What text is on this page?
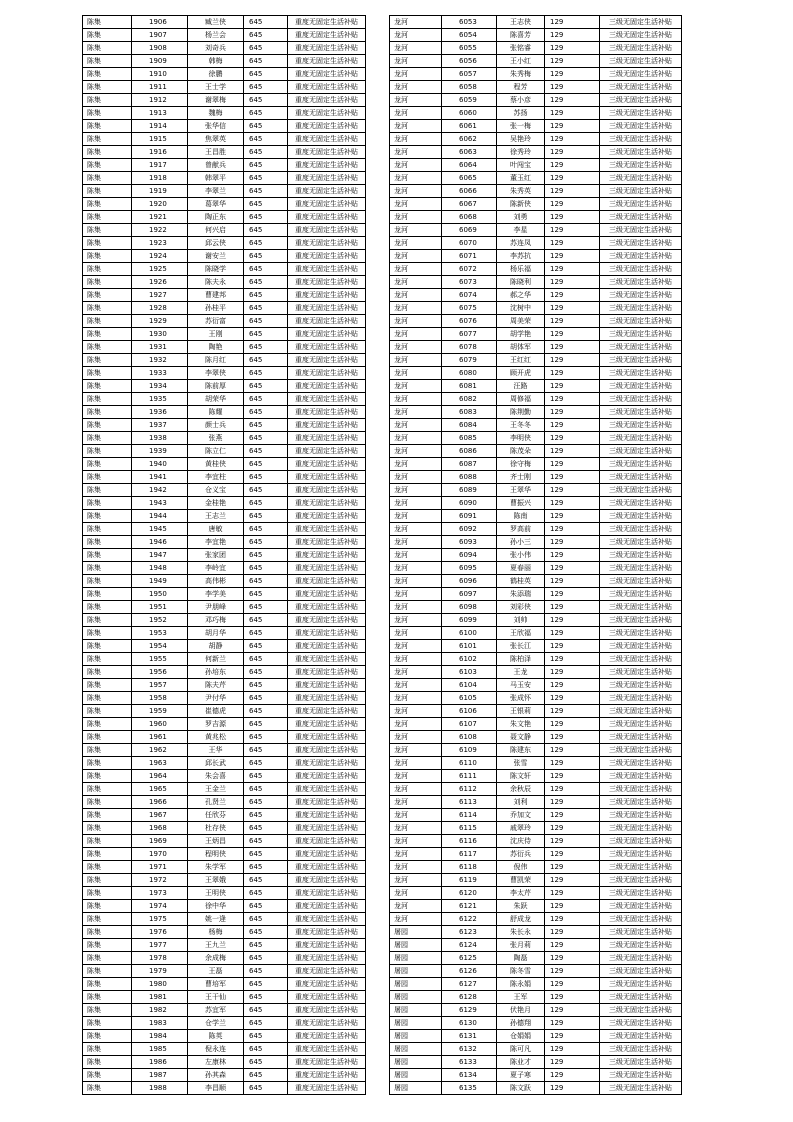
陈集	1906	臧兰侠	645	重度无固定生活补贴
陈集	1907	杨兰会	645	重度无固定生活补贴
陈集	1908	刘奇兵	645	重度无固定生活补贴
陈集	1909	韩梅	645	重度无固定生活补贴
陈集	1910	徐鹏	645	重度无固定生活补贴
陈集	1911	王士学	645	重度无固定生活补贴
陈集	1912	谢翠梅	645	重度无固定生活补贴
陈集	1913	魏梅	645	重度无固定生活补贴
陈集	1914	张华信	645	重度无固定生活补贴
陈集	1915	焦翠英	645	重度无固定生活补贴
陈集	1916	王昌胜	645	重度无固定生活补贴
陈集	1917	曾献兵	645	重度无固定生活补贴
陈集	1918	韩翠平	645	重度无固定生活补贴
陈集	1919	李翠兰	645	重度无固定生活补贴
陈集	1920	葛翠华	645	重度无固定生活补贴
陈集	1921	陶正东	645	重度无固定生活补贴
陈集	1922	何兴启	645	重度无固定生活补贴
陈集	1923	邱云侠	645	重度无固定生活补贴
陈集	1924	谢安兰	645	重度无固定生活补贴
陈集	1925	陈晓学	645	重度无固定生活补贴
陈集	1926	陈夫永	645	重度无固定生活补贴
陈集	1927	曹建邦	645	重度无固定生活补贴
陈集	1928	孙桂平	645	重度无固定生活补贴
陈集	1929	苏衍富	645	重度无固定生活补贴
陈集	1930	王刚	645	重度无固定生活补贴
陈集	1931	陶艳	645	重度无固定生活补贴
陈集	1932	陈月红	645	重度无固定生活补贴
陈集	1933	李翠侠	645	重度无固定生活补贴
陈集	1934	陈前厚	645	重度无固定生活补贴
陈集	1935	胡荣华	645	重度无固定生活补贴
陈集	1936	陈耀	645	重度无固定生活补贴
陈集	1937	颜士兵	645	重度无固定生活补贴
陈集	1938	张燕	645	重度无固定生活补贴
陈集	1939	陈立仁	645	重度无固定生活补贴
陈集	1940	黄桂侠	645	重度无固定生活补贴
陈集	1941	李宜柱	645	重度无固定生活补贴
陈集	1942	仓义宝	645	重度无固定生活补贴
陈集	1943	金桂艳	645	重度无固定生活补贴
陈集	1944	王志兰	645	重度无固定生活补贴
陈集	1945	唐敏	645	重度无固定生活补贴
陈集	1946	李宜艳	645	重度无固定生活补贴
陈集	1947	张家团	645	重度无固定生活补贴
陈集	1948	李岭宜	645	重度无固定生活补贴
陈集	1949	高伟彬	645	重度无固定生活补贴
陈集	1950	李学美	645	重度无固定生活补贴
陈集	1951	尹朋峰	645	重度无固定生活补贴
陈集	1952	邓巧梅	645	重度无固定生活补贴
陈集	1953	胡月华	645	重度无固定生活补贴
陈集	1954	胡静	645	重度无固定生活补贴
陈集	1955	何新兰	645	重度无固定生活补贴
陈集	1956	孙培东	645	重度无固定生活补贴
陈集	1957	陈夫芹	645	重度无固定生活补贴
陈集	1958	尹付华	645	重度无固定生活补贴
陈集	1959	崔德虎	645	重度无固定生活补贴
陈集	1960	罗吉源	645	重度无固定生活补贴
陈集	1961	黄兆松	645	重度无固定生活补贴
陈集	1962	王华	645	重度无固定生活补贴
陈集	1963	邱长武	645	重度无固定生活补贴
陈集	1964	朱会喜	645	重度无固定生活补贴
陈集	1965	王金兰	645	重度无固定生活补贴
陈集	1966	孔贤兰	645	重度无固定生活补贴
陈集	1967	任欣芬	645	重度无固定生活补贴
陈集	1968	杜存侠	645	重度无固定生活补贴
陈集	1969	王炳昌	645	重度无固定生活补贴
陈集	1970	程明侠	645	重度无固定生活补贴
陈集	1971	朱学军	645	重度无固定生活补贴
陈集	1972	王翠娥	645	重度无固定生活补贴
陈集	1973	王明侠	645	重度无固定生活补贴
陈集	1974	徐中华	645	重度无固定生活补贴
陈集	1975	姚一逄	645	重度无固定生活补贴
陈集	1976	杨梅	645	重度无固定生活补贴
陈集	1977	王九兰	645	重度无固定生活补贴
陈集	1978	余成梅	645	重度无固定生活补贴
陈集	1979	王磊	645	重度无固定生活补贴
陈集	1980	曹培军	645	重度无固定生活补贴
陈集	1981	王干仙	645	重度无固定生活补贴
陈集	1982	苏宜军	645	重度无固定生活补贴
陈集	1983	仓学兰	645	重度无固定生活补贴
陈集	1984	陈英	645	重度无固定生活补贴
陈集	1985	倪永连	645	重度无固定生活补贴
陈集	1986	左康林	645	重度无固定生活补贴
陈集	1987	孙其森	645	重度无固定生活补贴
陈集	1988	李昌顺	645	重度无固定生活补贴
龙河	6053	王志侠	129	三级无固定生活补贴
龙河	6054	陈喜芳	129	三级无固定生活补贴
龙河	6055	张铭睿	129	三级无固定生活补贴
龙河	6056	王小红	129	三级无固定生活补贴
龙河	6057	朱秀梅	129	三级无固定生活补贴
龙河	6058	程芳	129	三级无固定生活补贴
龙河	6059	蔡小彦	129	三级无固定生活补贴
龙河	6060	苏扬	129	三级无固定生活补贴
龙河	6061	张一梅	129	三级无固定生活补贴
龙河	6062	吴艳玲	129	三级无固定生活补贴
龙河	6063	徐秀玲	129	三级无固定生活补贴
龙河	6064	叶闯宝	129	三级无固定生活补贴
龙河	6065	董玉红	129	三级无固定生活补贴
龙河	6066	朱秀英	129	三级无固定生活补贴
龙河	6067	陈新侠	129	三级无固定生活补贴
龙河	6068	刘勇	129	三级无固定生活补贴
龙河	6069	李星	129	三级无固定生活补贴
龙河	6070	苏连凤	129	三级无固定生活补贴
龙河	6071	李苏抗	129	三级无固定生活补贴
龙河	6072	杨乐福	129	三级无固定生活补贴
龙河	6073	陈晓利	129	三级无固定生活补贴
龙河	6074	郝之华	129	三级无固定生活补贴
龙河	6075	沈树中	129	三级无固定生活补贴
龙河	6076	周美荣	129	三级无固定生活补贴
龙河	6077	胡学艳	129	三级无固定生活补贴
龙河	6078	胡体军	129	三级无固定生活补贴
龙河	6079	王红红	129	三级无固定生活补贴
龙河	6080	顾开虎	129	三级无固定生活补贴
龙河	6081	汪路	129	三级无固定生活补贴
龙河	6082	周修福	129	三级无固定生活补贴
龙河	6083	陈荆勤	129	三级无固定生活补贴
龙河	6084	王冬冬	129	三级无固定生活补贴
龙河	6085	李明侠	129	三级无固定生活补贴
龙河	6086	陈茂朵	129	三级无固定生活补贴
龙河	6087	徐守梅	129	三级无固定生活补贴
龙河	6088	齐士刚	129	三级无固定生活补贴
龙河	6089	王翠华	129	三级无固定生活补贴
龙河	6090	曹振兴	129	三级无固定生活补贴
龙河	6091	陈南	129	三级无固定生活补贴
龙河	6092	罗高前	129	三级无固定生活补贴
龙河	6093	孙小三	129	三级无固定生活补贴
龙河	6094	张小伟	129	三级无固定生活补贴
龙河	6095	夏春丽	129	三级无固定生活补贴
龙河	6096	鹤桂英	129	三级无固定生活补贴
龙河	6097	朱添瑞	129	三级无固定生活补贴
龙河	6098	刘彩侠	129	三级无固定生活补贴
龙河	6099	刘帅	129	三级无固定生活补贴
龙河	6100	王欣福	129	三级无固定生活补贴
龙河	6101	张长江	129	三级无固定生活补贴
龙河	6102	陈柏泽	129	三级无固定生活补贴
龙河	6103	王龙	129	三级无固定生活补贴
龙河	6104	马玉安	129	三级无固定生活补贴
龙河	6105	张成怀	129	三级无固定生活补贴
龙河	6106	王银莉	129	三级无固定生活补贴
龙河	6107	朱文艳	129	三级无固定生活补贴
龙河	6108	聂文静	129	三级无固定生活补贴
龙河	6109	陈建东	129	三级无固定生活补贴
龙河	6110	张雪	129	三级无固定生活补贴
龙河	6111	陈文轩	129	三级无固定生活补贴
龙河	6112	余秋辰	129	三级无固定生活补贴
龙河	6113	刘利	129	三级无固定生活补贴
龙河	6114	乔加文	129	三级无固定生活补贴
龙河	6115	戚翠玲	129	三级无固定生活补贴
龙河	6116	沈庆侍	129	三级无固定生活补贴
龙河	6117	苏衍兵	129	三级无固定生活补贴
龙河	6118	倪伟	129	三级无固定生活补贴
龙河	6119	曹凯荣	129	三级无固定生活补贴
龙河	6120	李太芹	129	三级无固定生活补贴
龙河	6121	朱跃	129	三级无固定生活补贴
龙河	6122	舒成龙	129	三级无固定生活补贴
屠园	6123	朱长永	129	三级无固定生活补贴
屠园	6124	张月莉	129	三级无固定生活补贴
屠园	6125	陶磊	129	三级无固定生活补贴
屠园	6126	陈冬雪	129	三级无固定生活补贴
屠园	6127	陈永娟	129	三级无固定生活补贴
屠园	6128	王军	129	三级无固定生活补贴
屠园	6129	伏艳月	129	三级无固定生活补贴
屠园	6130	孙德翔	129	三级无固定生活补贴
屠园	6131	仓娟娟	129	三级无固定生活补贴
屠园	6132	陈可凡	129	三级无固定生活补贴
屠园	6133	陈业才	129	三级无固定生活补贴
屠园	6134	夏子寒	129	三级无固定生活补贴
屠园	6135	陈文跃	129	三级无固定生活补贴
